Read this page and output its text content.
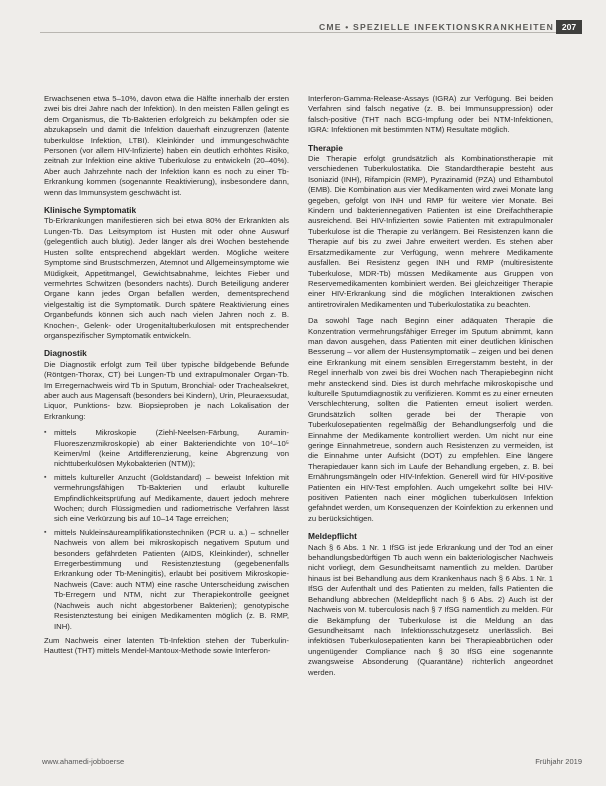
CME • SPEZIELLE INFEKTIONSKRANKHEITEN 207

Erwachsenen etwa 5–10%, davon etwa die Hälfte innerhalb der ersten zwei bis drei Jahre nach der Infektion). In den meisten Fällen gelingt es dem Organismus, die Tb-Bakterien erfolgreich zu bekämpfen oder sie abzukapseln und damit die Infektion dauerhaft einzugrenzen (latente tuberkulöse Infektion, LTBI). Kleinkinder und immungeschwächte Personen (vor allem HIV-Infizierte) haben ein deutlich erhöhtes Risiko, zeitnah zur Infektion eine aktive Tuberkulose zu entwickeln (20–40%). Aber auch Jahrzehnte nach der Infektion kann es noch zu einer Tb-Erkrankung kommen (sogenannte Reaktivierung), insbesondere dann, wenn das Immunsystem geschwächt ist.

Klinische Symptomatik

Tb-Erkrankungen manifestieren sich bei etwa 80% der Erkrankten als Lungen-Tb. Das Leitsymptom ist Husten mit oder ohne Auswurf (gelegentlich auch blutig). Jeder länger als drei Wochen bestehende Husten sollte entsprechend abgeklärt werden. Mögliche weitere Symptome sind Brustschmerzen, Atemnot und Allgemeinsymptome wie Müdigkeit, Appetitmangel, Gewichtsabnahme, leichtes Fieber und vermehrtes Schwitzen (besonders nachts). Durch Beteiligung anderer Organe kann jedes Organ befallen werden, dementsprechend vielgestaltig ist die Symptomatik. Durch spätere Reaktivierung eines Organbefunds können sich auch nach vielen Jahren noch z. B. Knochen-, Gelenk- oder Urogenitaltuberkulosen mit entsprechender organspezifischer Symptomatik entwickeln.

Diagnostik

Die Diagnostik erfolgt zum Teil über typische bildgebende Befunde (Röntgen-Thorax, CT) bei Lungen-Tb und extrapulmonaler Organ-Tb. Im Erregernachweis wird Tb in Sputum, Bronchial- oder Trachealsekret, aber auch aus Magensaft (besonders bei Kindern), Urin, Pleuraexsudat, Liquor, Punktions- bzw. Biopsieproben je nach Lokalisation der Erkrankung:

▪ mittels Mikroskopie (Ziehl-Neelsen-Färbung, Auramin-Fluoreszenzmikroskopie) ab einer Bakteriendichte von 10⁴–10⁵ Keimen/ml (keine Artdifferenzierung, keine Abgrenzung von nichttuberkulösen Mykobakterien (NTM));
▪ mittels kultureller Anzucht (Goldstandard) – beweist Infektion mit vermehrungsfähigen Tb-Bakterien und erlaubt kulturelle Empfindlichkeitsprüfung auf Medikamente, dauert jedoch mehrere Wochen; durch Flüssigmedien und radiometrische Verfahren lässt sich eine Verkürzung bis auf 10–14 Tage erreichen;
▪ mittels Nukleinsäureamplifikationstechniken (PCR u. a.) – schneller Nachweis von allem bei mikroskopisch negativem Sputum und besonders gefährdeten Patienten (AIDS, Kleinkinder), schneller Erregerbestimmung und Resistenztestung (gegebenenfalls Erkrankung oder Tb-Meningitis), erlaubt bei positivem Mikroskopie-Nachweis (Cave: auch NTM) eine rasche Unterscheidung zwischen Tb-Erregern und NTM, nicht zur Therapiekontrolle geeignet (Nachweis auch nicht abgestorbener Bakterien); genotypische Resistenztestung bei einigen Medikamenten möglich (z. B. RMP, INH).

Zum Nachweis einer latenten Tb-Infektion stehen der Tuberkulin-Hauttest (THT) mittels Mendel-Mantoux-Methode sowie Interferon-

Interferon-Gamma-Release-Assays (IGRA) zur Verfügung. Bei beiden Verfahren sind falsch negative (z. B. bei Immunsuppression) oder falsch-positive (THT nach BCG-Impfung oder bei NTM-Infektionen, IGRA: Infektionen mit bestimmten NTM) Resultate möglich.

Therapie

Die Therapie erfolgt grundsätzlich als Kombinationstherapie mit verschiedenen Tuberkulostatika. Die Standardtherapie besteht aus Isoniazid (INH), Rifampicin (RMP), Pyrazinamid (PZA) und Ethambutol (EMB). Die Kombination aus vier Medikamenten wird zwei Monate lang gegeben, gefolgt von INH und RMP für weitere vier Monate. Bei Kindern und bakteriennegativen Patienten ist eine Dreifachtherapie ausreichend. Bei HIV-Infizierten sowie Patienten mit extrapulmonaler Tuberkulose ist die Therapie zu verlängern. Bei Resistenzen kann die Therapie auf bis zu zwei Jahre erweitert werden. Es stehen aber Ersatzmedikamente zur Verfügung, wenn mehrere Medikamente ausfallen. Bei Resistenz gegen INH und RMP (multiresistente Tuberkulose, MDR-Tb) müssen Medikamente aus Gruppen von Reservemedikamenten kombiniert werden. Bei gleichzeitiger Therapie einer HIV-Erkrankung sind die möglichen Interaktionen zwischen antiretroviralen Medikamenten und Tuberkulostatika zu beachten.

Da sowohl Tage nach Beginn einer adäquaten Therapie die Konzentration vermehrungsfähiger Erreger im Sputum abnimmt, kann man davon ausgehen, dass Patienten mit einer deutlichen klinischen Besserung – vor allem der Hustensymptomatik – zeigen und bei denen eine Erkrankung mit einem sensiblen Erregerstamm besteht, in der Regel innerhalb von zwei bis drei Wochen nach Therapiebeginn nicht mehr ansteckend sind. Dies ist durch mehrfache mikroskopische und kulturelle Sputumdiagnostik zu verifizieren. Kommt es zu einer erneuten Verschlechterung, sollten die Patienten erneut isoliert werden. Grundsätzlich sollten gerade bei der Therapie von Tuberkulosepatienten regelmäßig der Behandlungserfolg und die Einnahme der Medikamente kontrolliert werden. Um nicht nur eine geringe Einnahmetreue, sondern auch Resistenzen zu vermeiden, ist die Einnahme unter Aufsicht (DOT) zu empfehlen. Eine längere Therapiedauer kann sich im Laufe der Behandlung ergeben, z. B. bei Ernährungsmängeln oder HIV-Infektion. Generell wird für HIV-positive Patienten ein HIV-Test empfohlen. Auch umgekehrt sollte bei HIV-positiven Patienten nach einer möglichen tuberkulösen Infektion gefahndet werden, um Konsequenzen der Koinfektion zu erkennen und zu berücksichtigen.

Meldepflicht

Nach § 6 Abs. 1 Nr. 1 IfSG ist jede Erkrankung und der Tod an einer behandlungsbedürftigen Tb auch wenn ein bakteriologischer Nachweis nicht vorliegt, dem Gesundheitsamt namentlich zu melden. Darüber hinaus ist bei Behandlung aus dem Krankenhaus nach § 6 Abs. 1 Nr. 1 IfSG der Aufenthalt und des Patienten zu melden, falls Patienten die Behandlung abbrechen (Meldepflicht nach § 6 Abs. 2) Auch ist der Nachweis von M. tuberculosis nach § 7 IfSG namentlich zu melden. Für die Bekämpfung der Tuberkulose ist die Meldung an das Gesundheitsamt nach Infektionsschutzgesetz unerlässlich. Bei infektiösen Tuberkulosepatienten kann bei Therapieabbrüchen oder ungenügender Compliance nach § 30 IfSG eine sogenannte zwangsweise Absonderung (Quarantäne) richterlich angeordnet werden.

www.ahamedi-jobboerse	Frühjahr 2019
